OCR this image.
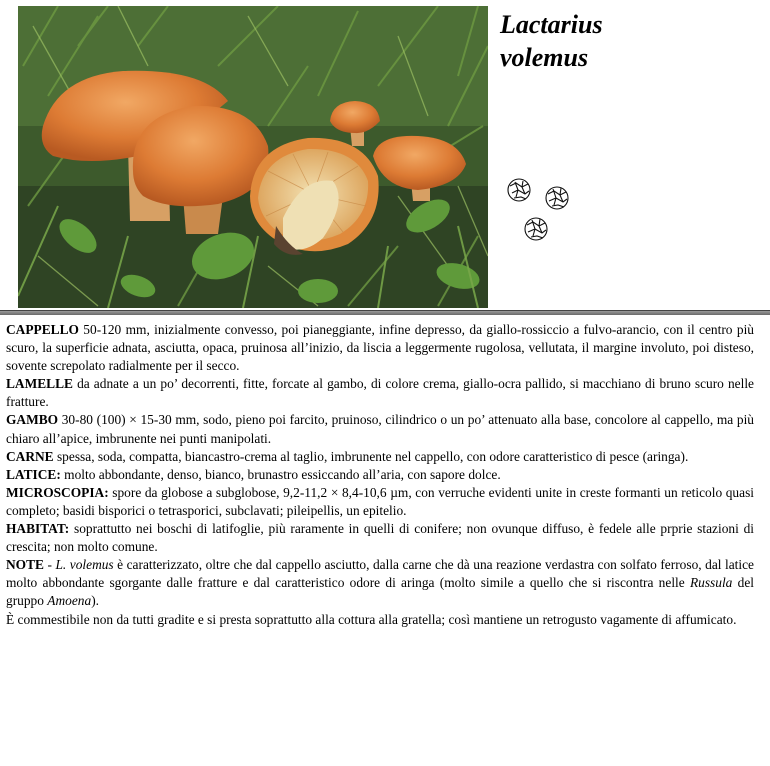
Lactarius
volemus

CAPPELLO 50-120 mm, inizialmente convesso, poi pianeggiante, infine depresso, da giallo-rossiccio a fulvo-arancio, con il centro più scuro, la superficie adnata, asciutta, opaca, pruinosa all’inizio, da liscia a leggermente rugolosa, vellutata, il margine involuto, poi disteso, sovente screpolato radialmente per il secco.

LAMELLE da adnate a un po’ decorrenti, fitte, forcate al gambo, di colore crema, giallo-ocra pallido, si macchiano di bruno scuro nelle fratture.

GAMBO 30-80 (100) × 15-30 mm, sodo, pieno poi farcito, pruinoso, cilindrico o un po’ attenuato alla base, concolore al cappello, ma più chiaro all’apice, imbrunente nei punti manipolati.

CARNE spessa, soda, compatta, biancastro-crema al taglio, imbrunente nel cappello, con odore caratteristico di pesce (aringa).

LATICE: molto abbondante, denso, bianco, brunastro essiccando all’aria, con sapore dolce.

MICROSCOPIA: spore da globose a subglobose, 9,2-11,2 × 8,4-10,6 µm, con verruche evidenti unite in creste formanti un reticolo quasi completo; basidi bisporici o tetrasporici, subclavati; pileipellis, un epitelio.

HABITAT: soprattutto nei boschi di latifoglie, più raramente in quelli di conifere; non ovunque diffuso, è fedele alle prprie stazioni di crescita; non molto comune.

NOTE - L. volemus è caratterizzato, oltre che dal cappello asciutto, dalla carne che dà una reazione verdastra con solfato ferroso, dal latice molto abbondante sgorgante dalle fratture e dal caratteristico odore di aringa (molto simile a quello che si riscontra nelle Russula del gruppo Amoena).

È commestibile non da tutti gradite e si presta soprattutto alla cottura alla gratella; così mantiene un retrogusto vagamente di affumicato.
